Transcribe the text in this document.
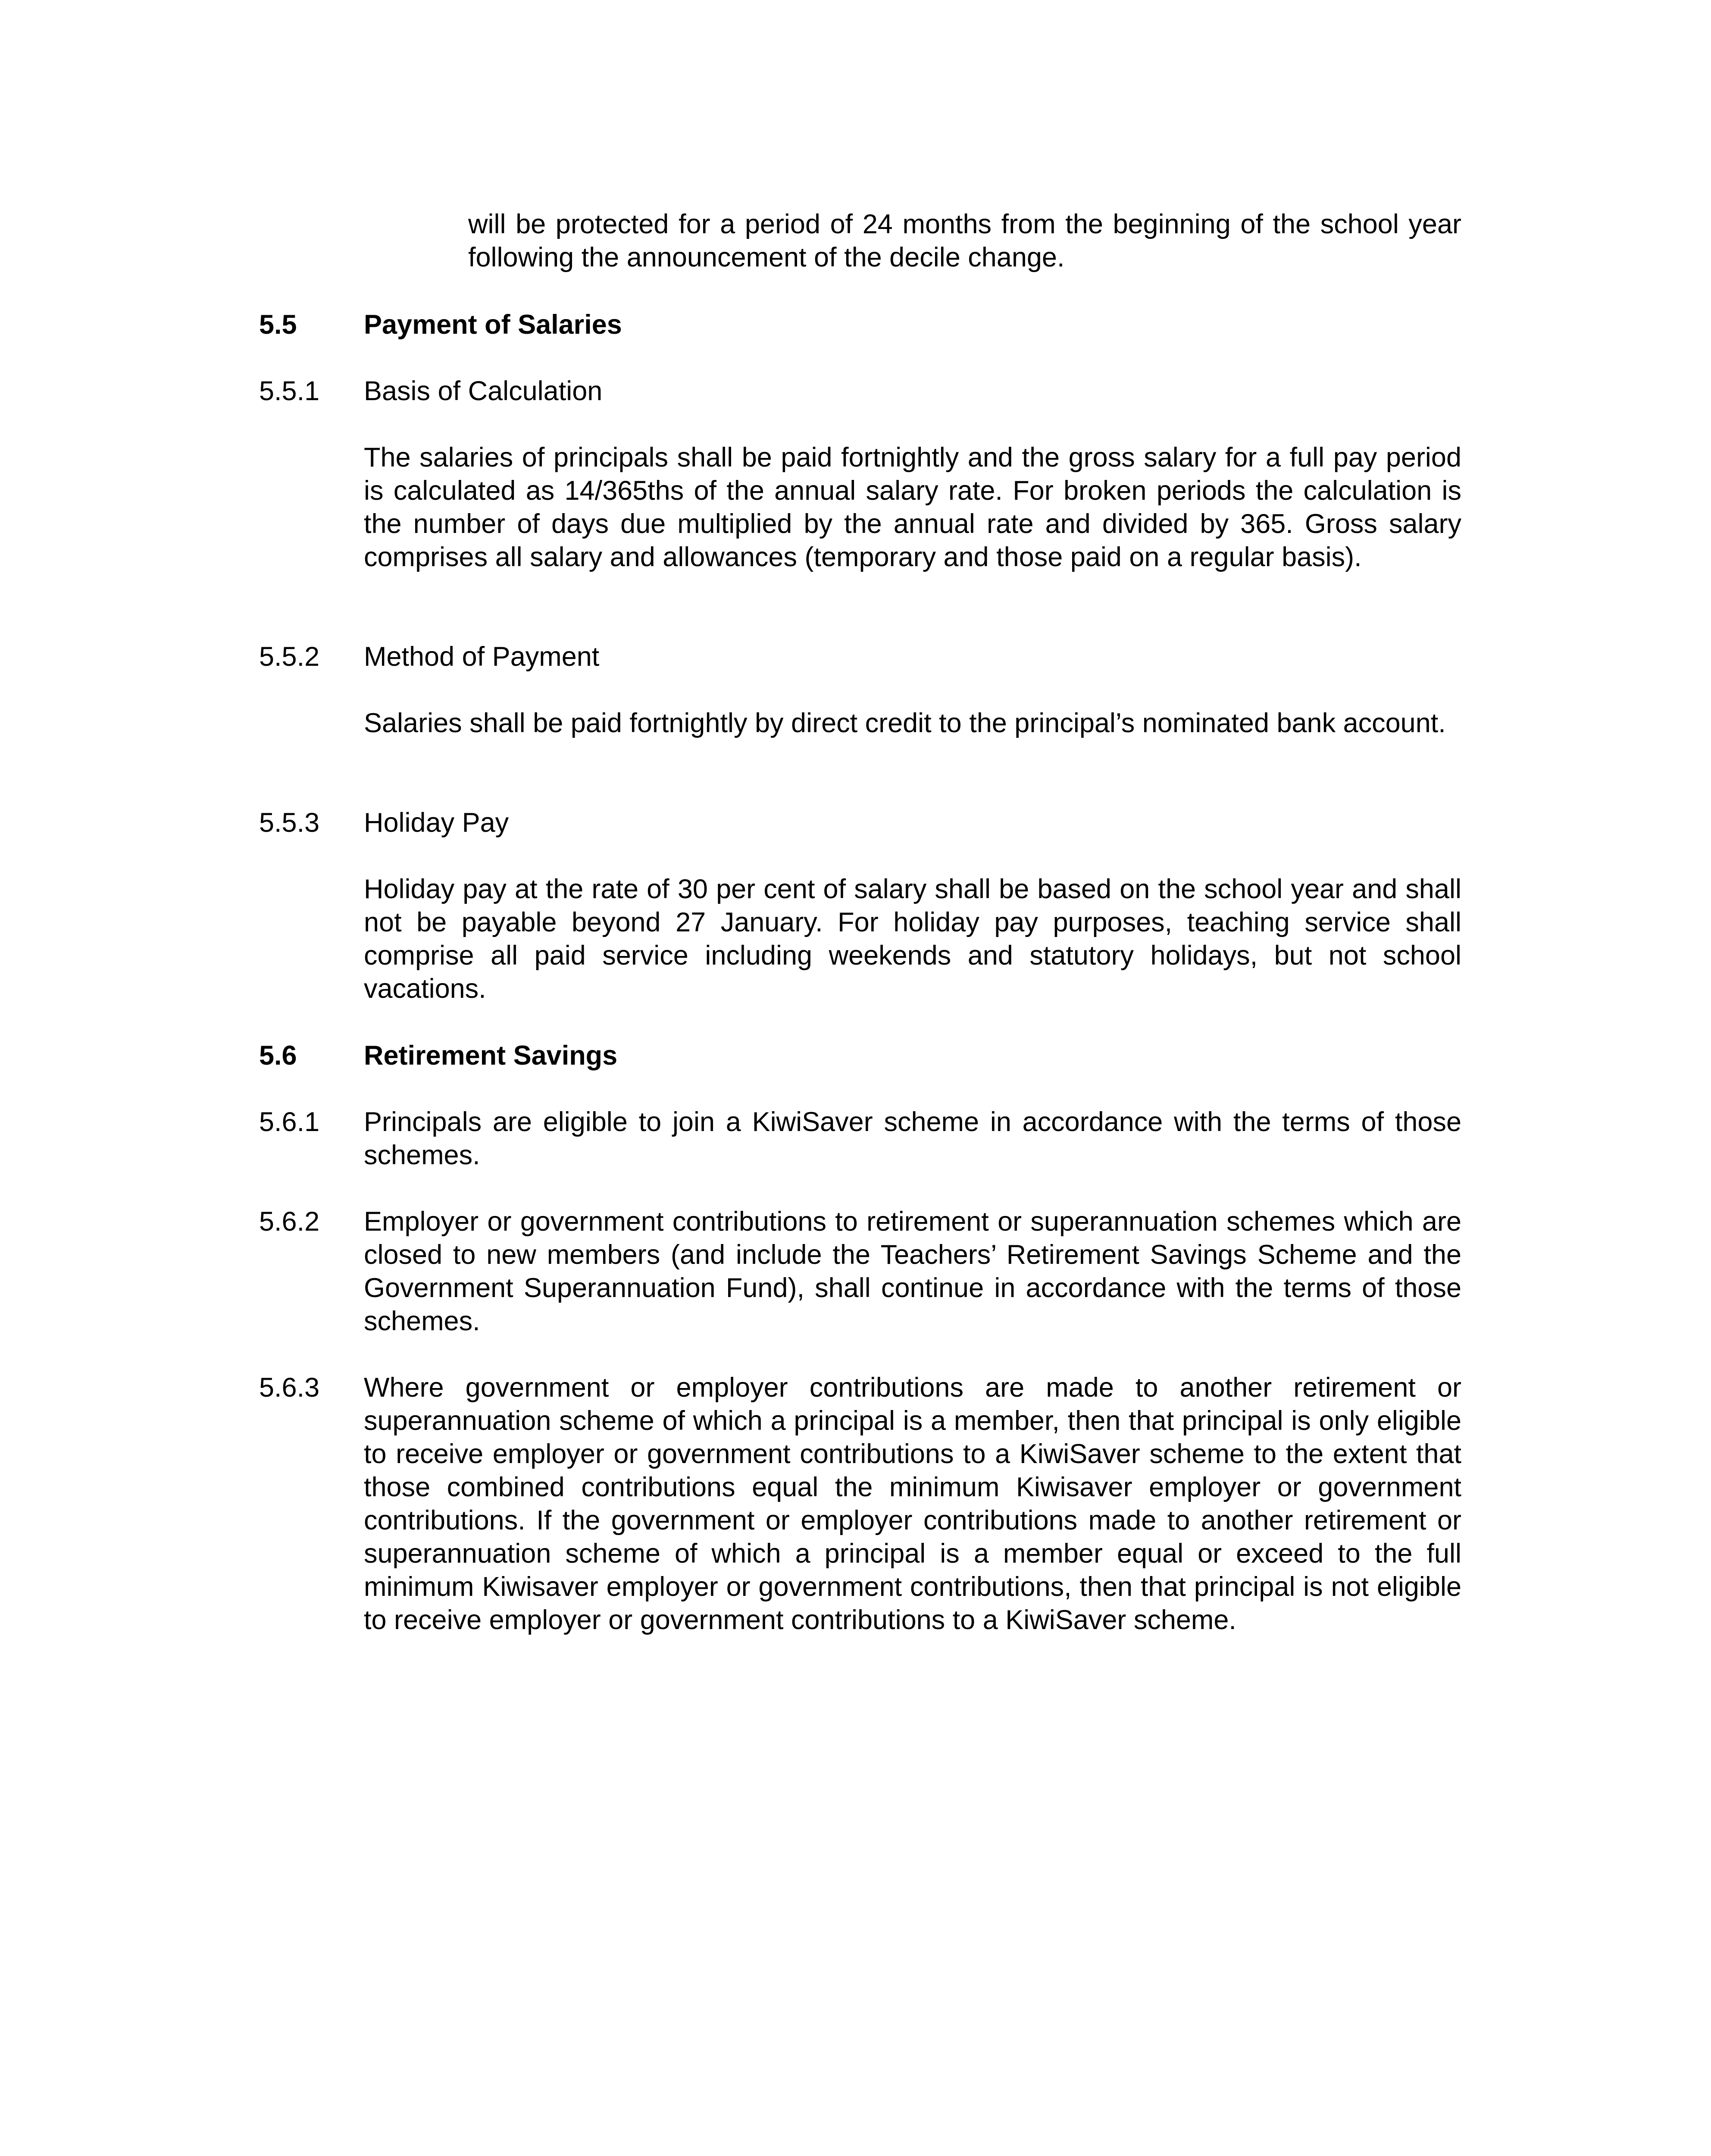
will be protected for a period of 24 months from the beginning of the school year following the announcement of the decile change.

5.5 Payment of Salaries

5.5.1 Basis of Calculation

The salaries of principals shall be paid fortnightly and the gross salary for a full pay period is calculated as 14/365ths of the annual salary rate. For broken periods the calculation is the number of days due multiplied by the annual rate and divided by 365. Gross salary comprises all salary and allowances (temporary and those paid on a regular basis).

5.5.2 Method of Payment

Salaries shall be paid fortnightly by direct credit to the principal’s nominated bank account.

5.5.3 Holiday Pay

Holiday pay at the rate of 30 per cent of salary shall be based on the school year and shall not be payable beyond 27 January. For holiday pay purposes, teaching service shall comprise all paid service including weekends and statutory holidays, but not school vacations.

5.6 Retirement Savings

5.6.1 Principals are eligible to join a KiwiSaver scheme in accordance with the terms of those schemes.

5.6.2 Employer or government contributions to retirement or superannuation schemes which are closed to new members (and include the Teachers’ Retirement Savings Scheme and the Government Superannuation Fund), shall continue in accordance with the terms of those schemes.

5.6.3 Where government or employer contributions are made to another retirement or superannuation scheme of which a principal is a member, then that principal is only eligible to receive employer or government contributions to a KiwiSaver scheme to the extent that those combined contributions equal the minimum Kiwisaver employer or government contributions. If the government or employer contributions made to another retirement or superannuation scheme of which a principal is a member equal or exceed to the full minimum Kiwisaver employer or government contributions, then that principal is not eligible to receive employer or government contributions to a KiwiSaver scheme.
